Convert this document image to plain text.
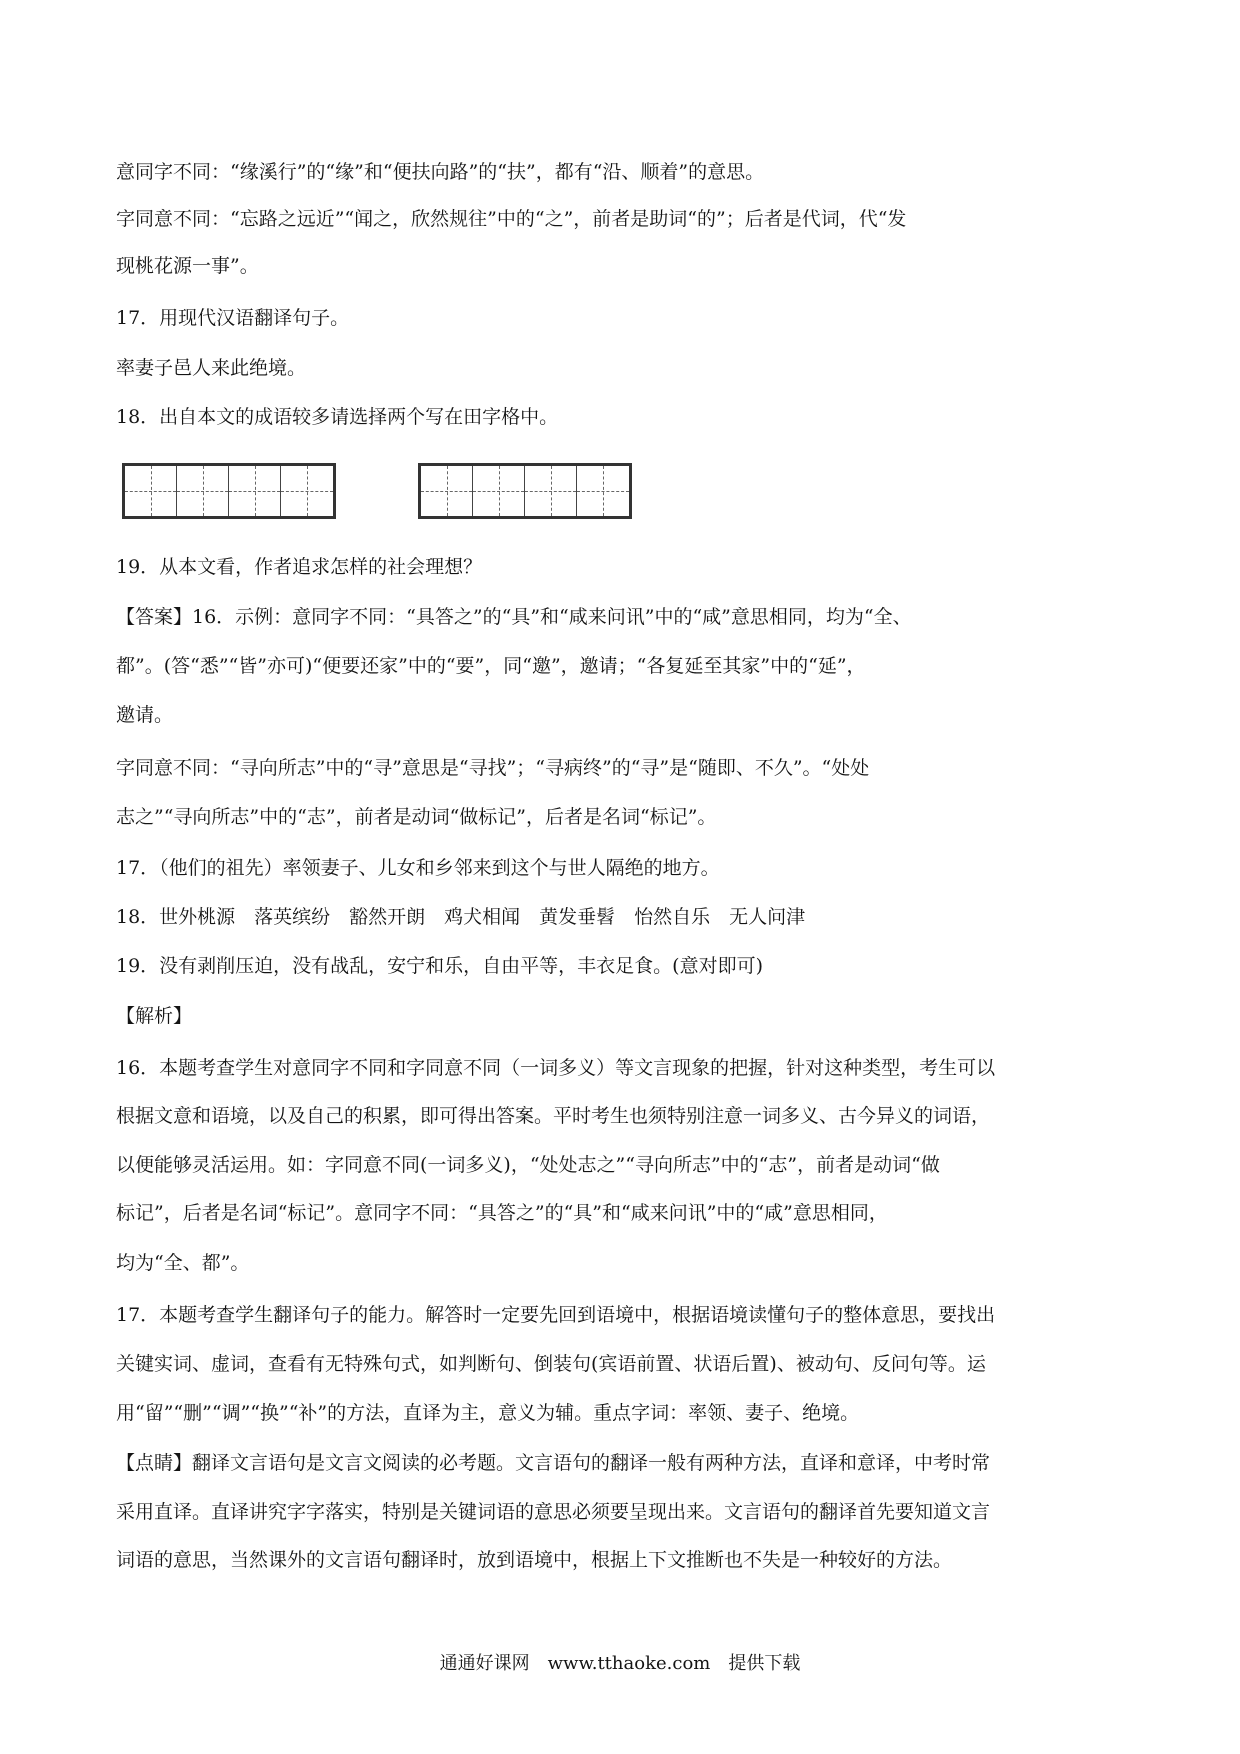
意同字不同：“缘溪行”的“缘”和“便扶向路”的“扶”，都有“沿、顺着”的意思。
字同意不同：“忘路之远近”“闻之，欣然规往”中的“之”，前者是助词“的”；后者是代词，代“发
现桃花源一事”。
17．用现代汉语翻译句子。
率妻子邑人来此绝境。
18．出自本文的成语较多请选择两个写在田字格中。
19．从本文看，作者追求怎样的社会理想？
【答案】16．示例：意同字不同：“具答之”的“具”和“咸来问讯”中的“咸”意思相同，均为“全、
都”。(答“悉”“皆”亦可)“便要还家”中的“要”，同“邀”，邀请；“各复延至其家”中的“延”，
邀请。
字同意不同：“寻向所志”中的“寻”意思是“寻找”；“寻病终”的“寻”是“随即、不久”。“处处
志之”“寻向所志”中的“志”，前者是动词“做标记”，后者是名词“标记”。
17．（他们的祖先）率领妻子、儿女和乡邻来到这个与世人隔绝的地方。
18．世外桃源　落英缤纷　豁然开朗　鸡犬相闻　黄发垂髫　怡然自乐　无人问津
19．没有剥削压迫，没有战乱，安宁和乐，自由平等，丰衣足食。(意对即可)
【解析】
16．本题考查学生对意同字不同和字同意不同（一词多义）等文言现象的把握，针对这种类型，考生可以
根据文意和语境，以及自己的积累，即可得出答案。平时考生也须特别注意一词多义、古今异义的词语，
以便能够灵活运用。如：字同意不同(一词多义)，“处处志之”“寻向所志”中的“志”，前者是动词“做
标记”，后者是名词“标记”。意同字不同：“具答之”的“具”和“咸来问讯”中的“咸”意思相同，
均为“全、都”。
17．本题考查学生翻译句子的能力。解答时一定要先回到语境中，根据语境读懂句子的整体意思，要找出
关键实词、虚词，查看有无特殊句式，如判断句、倒装句(宾语前置、状语后置)、被动句、反问句等。运
用“留”“删”“调”“换”“补”的方法，直译为主，意义为辅。重点字词：率领、妻子、绝境。
【点睛】翻译文言语句是文言文阅读的必考题。文言语句的翻译一般有两种方法，直译和意译，中考时常
采用直译。直译讲究字字落实，特别是关键词语的意思必须要呈现出来。文言语句的翻译首先要知道文言
词语的意思，当然课外的文言语句翻译时，放到语境中，根据上下文推断也不失是一种较好的方法。
通通好课网　www.tthaoke.com　提供下载
